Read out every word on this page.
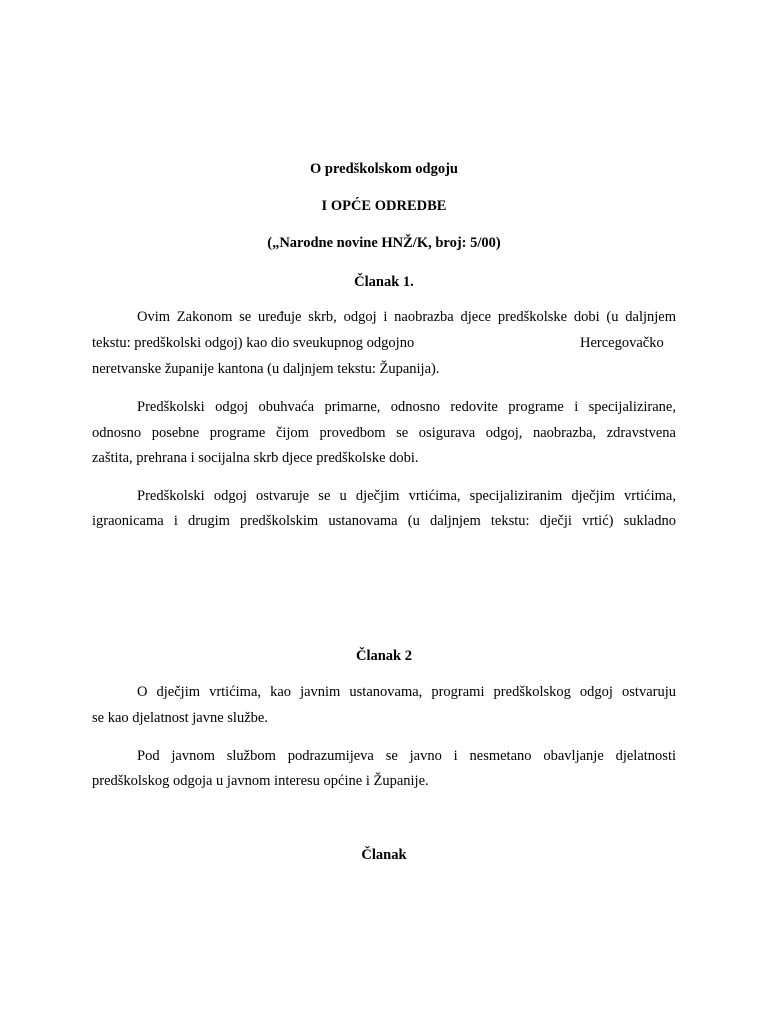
O predškolskom odgoju
I OPĆE ODREDBE
(„Narodne novine HNŽ/K, broj: 5/00)
Članak 1.
Ovim Zakonom se uređuje skrb, odgoj i naobrazba djece predškolske dobi (u daljnjem
tekstu: predškolski odgoj) kao dio sveukupnog odgojno	Hercegovačko
neretvanske županije kantona (u daljnjem tekstu: Županija).
Predškolski odgoj obuhvaća primarne, odnosno redovite programe i specijalizirane,
odnosno posebne programe čijom provedbom se osigurava odgoj, naobrazba, zdravstvena
zaštita, prehrana i socijalna skrb djece predškolske dobi.
Predškolski odgoj ostvaruje se u dječjim vrtićima, specijaliziranim dječjim vrtićima,
igraonicama i drugim predškolskim ustanovama (u daljnjem tekstu: dječji vrtić) sukladno
Članak 2
O dječjim vrtićima, kao javnim ustanovama, programi predškolskog odgoj ostvaruju
se kao djelatnost javne službe.
Pod javnom službom podrazumijeva se javno i nesmetano obavljanje djelatnosti
predškolskog odgoja u javnom interesu općine i Županije.
Članak
